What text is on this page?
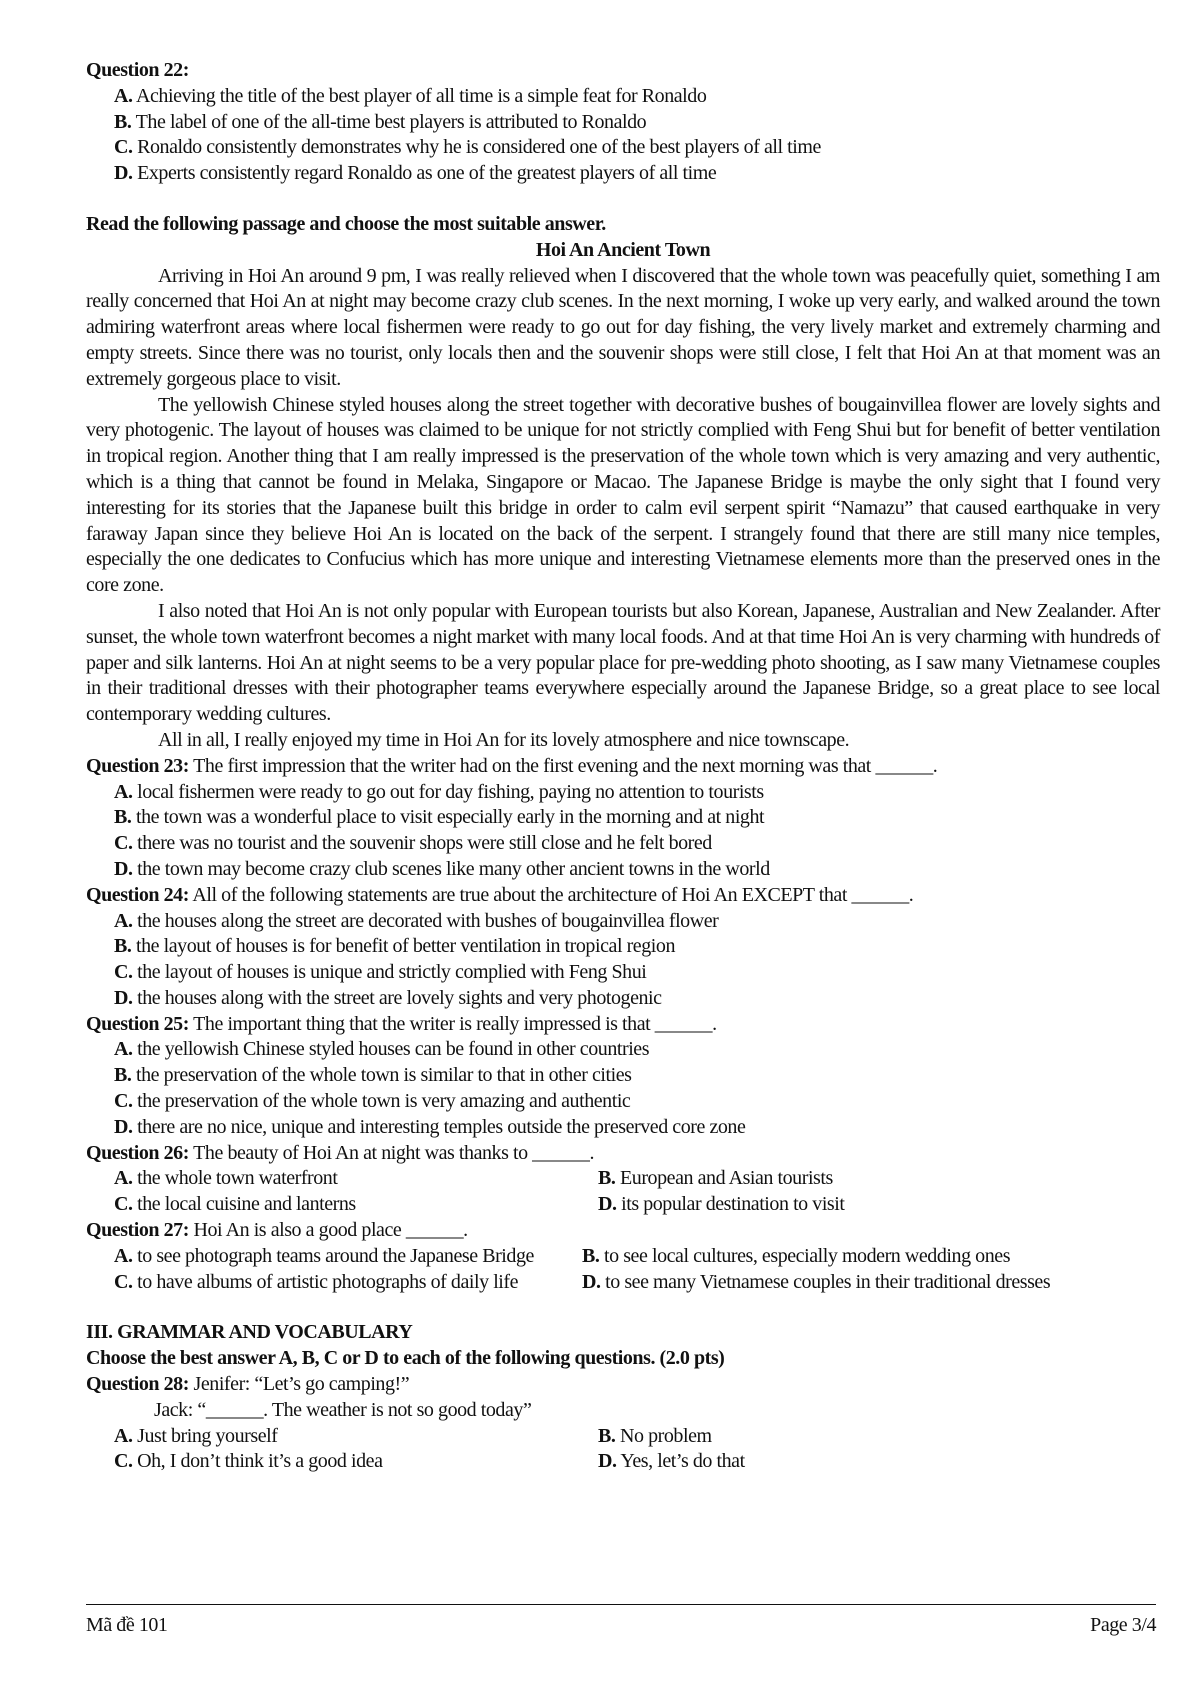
Question 22:
A. Achieving the title of the best player of all time is a simple feat for Ronaldo
B. The label of one of the all-time best players is attributed to Ronaldo
C. Ronaldo consistently demonstrates why he is considered one of the best players of all time
D. Experts consistently regard Ronaldo as one of the greatest players of all time
Read the following passage and choose the most suitable answer.
Hoi An Ancient Town

Arriving in Hoi An around 9 pm, I was really relieved when I discovered that the whole town was peacefully quiet, something I am really concerned that Hoi An at night may become crazy club scenes. In the next morning, I woke up very early, and walked around the town admiring waterfront areas where local fishermen were ready to go out for day fishing, the very lively market and extremely charming and empty streets. Since there was no tourist, only locals then and the souvenir shops were still close, I felt that Hoi An at that moment was an extremely gorgeous place to visit.

The yellowish Chinese styled houses along the street together with decorative bushes of bougainvillea flower are lovely sights and very photogenic. The layout of houses was claimed to be unique for not strictly complied with Feng Shui but for benefit of better ventilation in tropical region. Another thing that I am really impressed is the preservation of the whole town which is very amazing and very authentic, which is a thing that cannot be found in Melaka, Singapore or Macao. The Japanese Bridge is maybe the only sight that I found very interesting for its stories that the Japanese built this bridge in order to calm evil serpent spirit “Namazu” that caused earthquake in very faraway Japan since they believe Hoi An is located on the back of the serpent. I strangely found that there are still many nice temples, especially the one dedicates to Confucius which has more unique and interesting Vietnamese elements more than the preserved ones in the core zone.

I also noted that Hoi An is not only popular with European tourists but also Korean, Japanese, Australian and New Zealander. After sunset, the whole town waterfront becomes a night market with many local foods. And at that time Hoi An is very charming with hundreds of paper and silk lanterns. Hoi An at night seems to be a very popular place for pre-wedding photo shooting, as I saw many Vietnamese couples in their traditional dresses with their photographer teams everywhere especially around the Japanese Bridge, so a great place to see local contemporary wedding cultures.

All in all, I really enjoyed my time in Hoi An for its lovely atmosphere and nice townscape.

Question 23: The first impression that the writer had on the first evening and the next morning was that ______.
A. local fishermen were ready to go out for day fishing, paying no attention to tourists
B. the town was a wonderful place to visit especially early in the morning and at night
C. there was no tourist and the souvenir shops were still close and he felt bored
D. the town may become crazy club scenes like many other ancient towns in the world
Question 24: All of the following statements are true about the architecture of Hoi An EXCEPT that ______.
A. the houses along the street are decorated with bushes of bougainvillea flower
B. the layout of houses is for benefit of better ventilation in tropical region
C. the layout of houses is unique and strictly complied with Feng Shui
D. the houses along with the street are lovely sights and very photogenic
Question 25: The important thing that the writer is really impressed is that ______.
A. the yellowish Chinese styled houses can be found in other countries
B. the preservation of the whole town is similar to that in other cities
C. the preservation of the whole town is very amazing and authentic
D. there are no nice, unique and interesting temples outside the preserved core zone
Question 26: The beauty of Hoi An at night was thanks to ______.
A. the whole town waterfront	B. European and Asian tourists
C. the local cuisine and lanterns	D. its popular destination to visit
Question 27: Hoi An is also a good place ______.
A. to see photograph teams around the Japanese Bridge	B. to see local cultures, especially modern wedding ones
C. to have albums of artistic photographs of daily life	D. to see many Vietnamese couples in their traditional dresses
III. GRAMMAR AND VOCABULARY
Choose the best answer A, B, C or D to each of the following questions. (2.0 pts)
Question 28: Jenifer: “Let’s go camping!”
Jack: “______. The weather is not so good today”
A. Just bring yourself	B. No problem
C. Oh, I don’t think it’s a good idea	D. Yes, let’s do that
Mã đề 101	Page 3/4
